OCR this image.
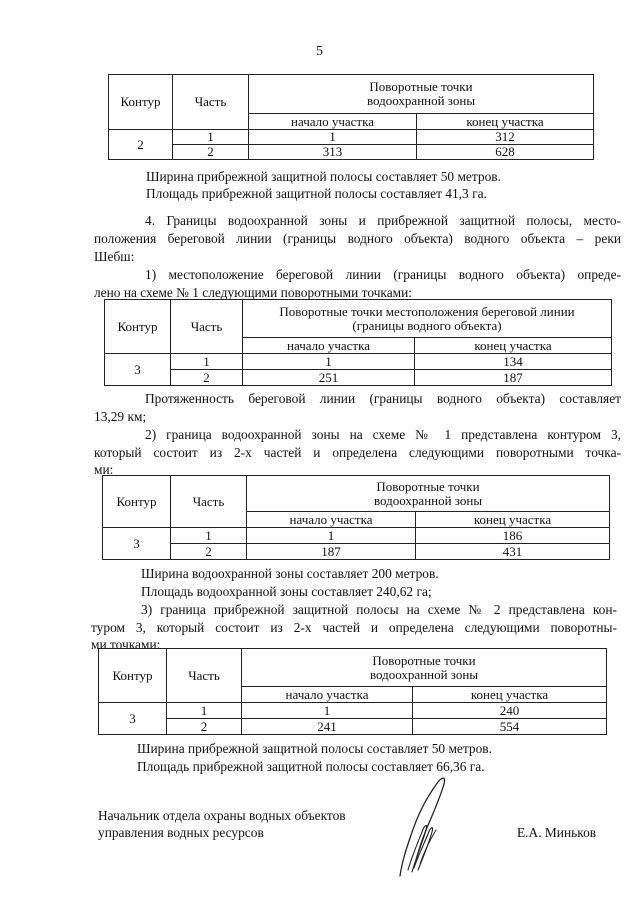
5
Контур	Часть	Поворотные точки
водоохранной зоны	

		начало участка	конец участка
2	1	1	312
	2	313	628
Ширина прибрежной защитной полосы составляет 50 метров.
Площадь прибрежной защитной полосы составляет 41,3 га.
4. Границы водоохранной зоны и прибрежной защитной полосы, место-
положения береговой линии (границы водного объекта) водного объекта – реки
Шебш:
1) местоположение береговой линии (границы водного объекта) опреде-
лено на схеме № 1 следующими поворотными точками:
Контур	Часть	Поворотные точки местоположения береговой линии
(границы водного объекта)	

		начало участка	конец участка
3	1	1	134
	2	251	187
Протяженность береговой линии (границы водного объекта) составляет
13,29 км;
2) граница водоохранной зоны на схеме № 1 представлена контуром 3,
который состоит из 2-х частей и определена следующими поворотными точка-
ми:
Контур	Часть	Поворотные точки
водоохранной зоны	

		начало участка	конец участка
3	1	1	186
	2	187	431
Ширина водоохранной зоны составляет 200 метров.
Площадь водоохранной зоны составляет 240,62 га;
3) граница прибрежной защитной полосы на схеме № 2 представлена кон-
туром 3, который состоит из 2-х частей и определена следующими поворотны-
ми точками:
Контур	Часть	Поворотные точки
водоохранной зоны	

		начало участка	конец участка
3	1	1	240
	2	241	554
Ширина прибрежной защитной полосы составляет 50 метров.
Площадь прибрежной защитной полосы составляет 66,36 га.
Начальник отдела охраны водных объектов
управления водных ресурсов	Е.А. Миньков
